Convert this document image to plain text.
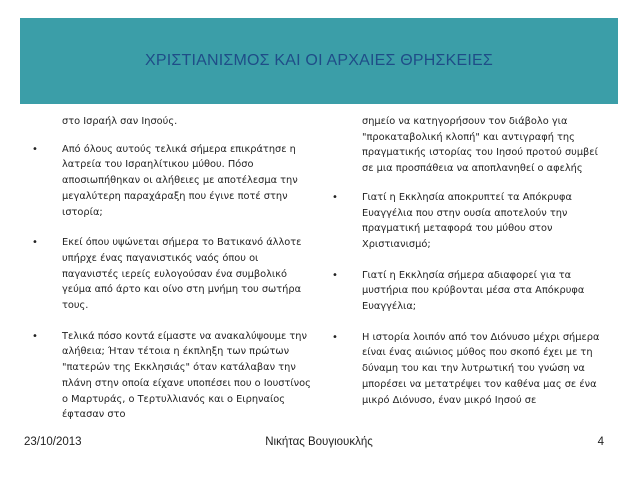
ΧΡΙΣΤΙΑΝΙΣΜΟΣ ΚΑΙ ΟΙ ΑΡΧΑΙΕΣ ΘΡΗΣΚΕΙΕΣ
στο Ισραήλ σαν Ιησούς.
• Από όλους αυτούς τελικά σήμερα επικράτησε η λατρεία του Ισραηλίτικου μύθου. Πόσο αποσιωπήθηκαν οι αλήθειες με αποτέλεσμα την μεγαλύτερη παραχάραξη που έγινε ποτέ στην ιστορία;
• Εκεί όπου υψώνεται σήμερα το Βατικανό άλλοτε υπήρχε ένας παγανιστικός ναός όπου οι παγανιστές ιερείς ευλογούσαν ένα συμβολικό γεύμα από άρτο και οίνο στη μνήμη του σωτήρα τους.
• Τελικά πόσο κοντά είμαστε να ανακαλύψουμε την αλήθεια; Ήταν τέτοια η έκπληξη των πρώτων "πατερών της Εκκλησιάς" όταν κατάλαβαν την πλάνη στην οποία είχανε υποπέσει που ο Ιουστίνος ο Μαρτυράς, ο Τερτυλλιανός και ο Ειρηναίος έφτασαν στο
σημείο να κατηγορήσουν τον διάβολο για "προκαταβολική κλοπή" και αντιγραφή της πραγματικής ιστορίας του Ιησού προτού συμβεί σε μια προσπάθεια να αποπλανηθεί ο αφελής
• Γιατί η Εκκλησία αποκρυπτεί τα Απόκρυφα Ευαγγέλια που στην ουσία αποτελούν την πραγματική μεταφορά του μύθου στον Χριστιανισμό;
• Γιατί η Εκκλησία σήμερα αδιαφορεί για τα μυστήρια που κρύβονται μέσα στα Απόκρυφα Ευαγγέλια;
• Η ιστορία λοιπόν από τον Διόνυσο μέχρι σήμερα είναι ένας αιώνιος μύθος που σκοπό έχει με τη δύναμη του και την λυτρωτική του γνώση να μπορέσει να μετατρέψει τον καθένα μας σε ένα μικρό Διόνυσο, έναν μικρό Ιησού σε
23/10/2013	Νικήτας Βουγιουκλής	4
